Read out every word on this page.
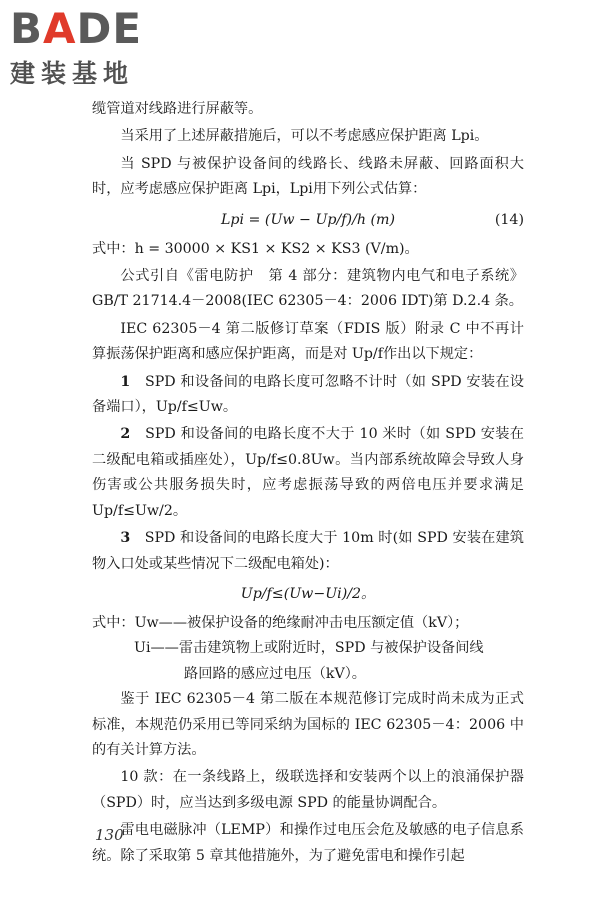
BADE
建装基地

缆管道对线路进行屏蔽等。

当采用了上述屏蔽措施后，可以不考虑感应保护距离 Lpi。

当 SPD 与被保护设备间的线路长、线路未屏蔽、回路面积大时，应考虑感应保护距离 Lpi，Lpi用下列公式估算：

Lpi = (Uw − Up/f)/h (m)	(14)

式中：h = 30000 × KS1 × KS2 × KS3 (V/m)。

公式引自《雷电防护　第 4 部分：建筑物内电气和电子系统》GB/T 21714.4－2008(IEC 62305－4：2006 IDT)第 D.2.4 条。

IEC 62305－4 第二版修订草案（FDIS 版）附录 C 中不再计算振荡保护距离和感应保护距离，而是对 Up/f作出以下规定：

1　 SPD 和设备间的电路长度可忽略不计时（如 SPD 安装在设备端口），Up/f≤Uw。

2　 SPD 和设备间的电路长度不大于 10 米时（如 SPD 安装在二级配电箱或插座处），Up/f≤0.8Uw。当内部系统故障会导致人身伤害或公共服务损失时，应考虑振荡导致的两倍电压并要求满足 Up/f≤Uw/2。

3　 SPD 和设备间的电路长度大于 10m 时(如 SPD 安装在建筑物入口处或某些情况下二级配电箱处)：

Up/f≤(Uw−Ui)/2。

式中：Uw——被保护设备的绝缘耐冲击电压额定值（kV）；

Ui——雷击建筑物上或附近时，SPD 与被保护设备间线

路回路的感应过电压（kV）。

鉴于 IEC 62305－4 第二版在本规范修订完成时尚未成为正式标准，本规范仍采用已等同采纳为国标的 IEC 62305－4：2006 中的有关计算方法。

10 款：在一条线路上，级联选择和安装两个以上的浪涌保护器（SPD）时，应当达到多级电源 SPD 的能量协调配合。

雷电电磁脉冲（LEMP）和操作过电压会危及敏感的电子信息系统。除了采取第 5 章其他措施外，为了避免雷电和操作引起

130
